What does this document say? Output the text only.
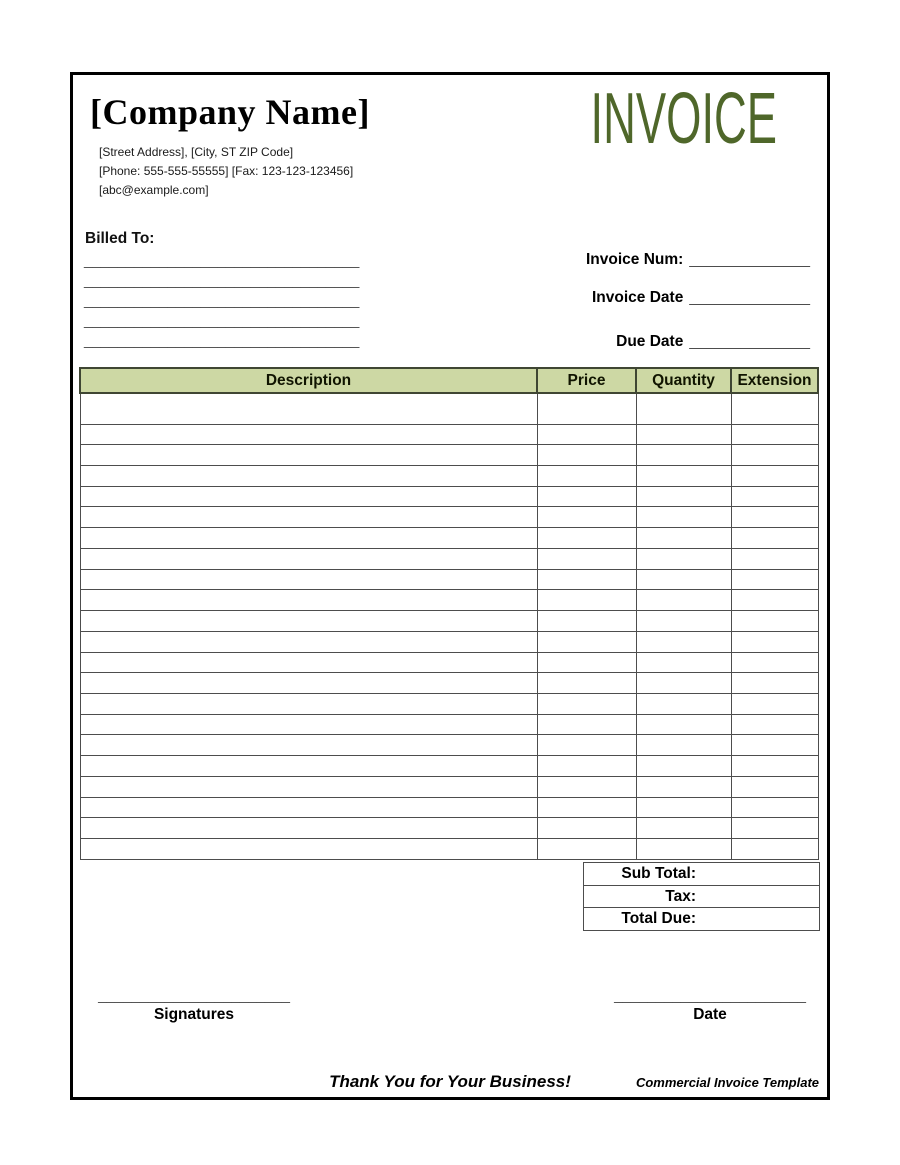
[Company Name]
[Street Address], [City, ST ZIP Code]
[Phone: 555-555-55555] [Fax: 123-123-123456]
[abc@example.com]
INVOICE
Billed To:
_________________________________
_________________________________
_________________________________
_________________________________
_________________________________
Invoice Num: ______________
Invoice Date ______________
Due Date ______________
Description	Price	Quantity	Extension

Sub Total:
Tax:
Total Due:
_______________________
Signatures
_______________________
Date
Thank You for Your Business!	Commercial Invoice Template
